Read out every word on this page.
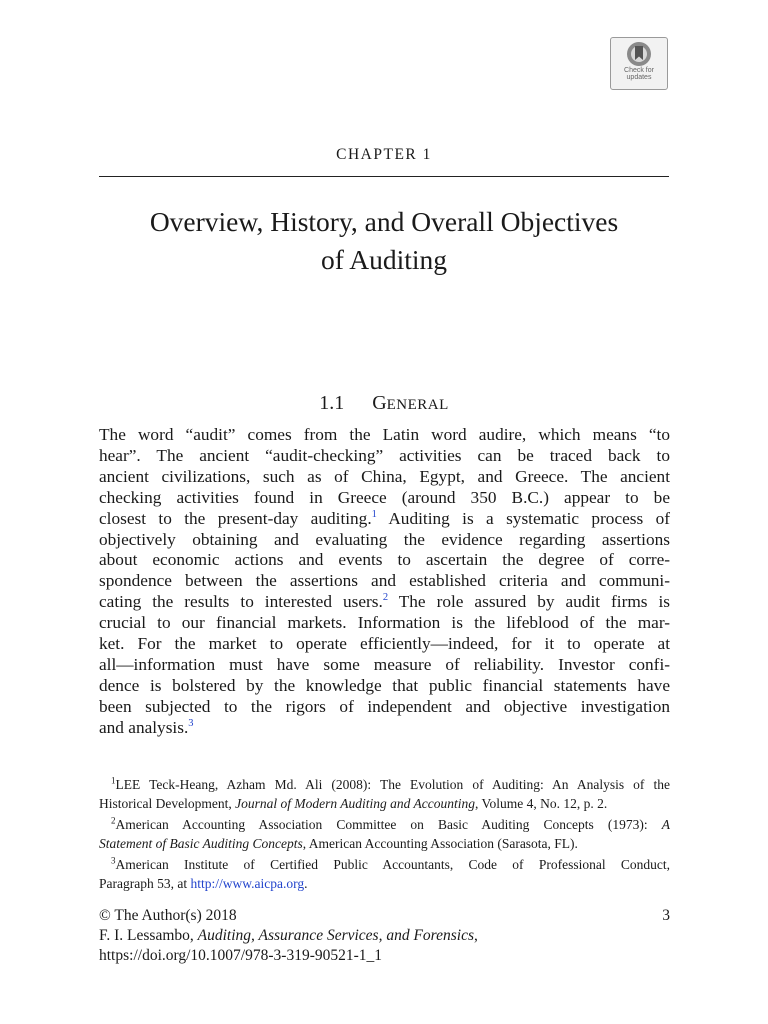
Check for
updates
CHAPTER 1
Overview, History, and Overall Objectives
of Auditing
1.1 GENERAL
The word “audit” comes from the Latin word audire, which means “to
hear”. The ancient “audit-checking” activities can be traced back to
ancient civilizations, such as of China, Egypt, and Greece. The ancient
checking activities found in Greece (around 350 B.C.) appear to be
closest to the present-day auditing.$^1$ Auditing is a systematic process of
objectively obtaining and evaluating the evidence regarding assertions
about economic actions and events to ascertain the degree of corre-
spondence between the assertions and established criteria and communi-
cating the results to interested users.$^2$ The role assured by audit firms is
crucial to our financial markets. Information is the lifeblood of the mar-
ket. For the market to operate efficiently—indeed, for it to operate at
all—information must have some measure of reliability. Investor confi-
dence is bolstered by the knowledge that public financial statements have
been subjected to the rigors of independent and objective investigation
and analysis.$^3$
$^1$LEE Teck-Heang, Azham Md. Ali (2008): The Evolution of Auditing: An Analysis of the
Historical Development, Journal of Modern Auditing and Accounting, Volume 4, No. 12, p. 2.
$^2$American Accounting Association Committee on Basic Auditing Concepts (1973): A
Statement of Basic Auditing Concepts, American Accounting Association (Sarasota, FL).
$^3$American Institute of Certified Public Accountants, Code of Professional Conduct,
Paragraph 53, at http://www.aicpa.org.
© The Author(s) 2018	3
F. I. Lessambo, Auditing, Assurance Services, and Forensics,
https://doi.org/10.1007/978-3-319-90521-1_1
